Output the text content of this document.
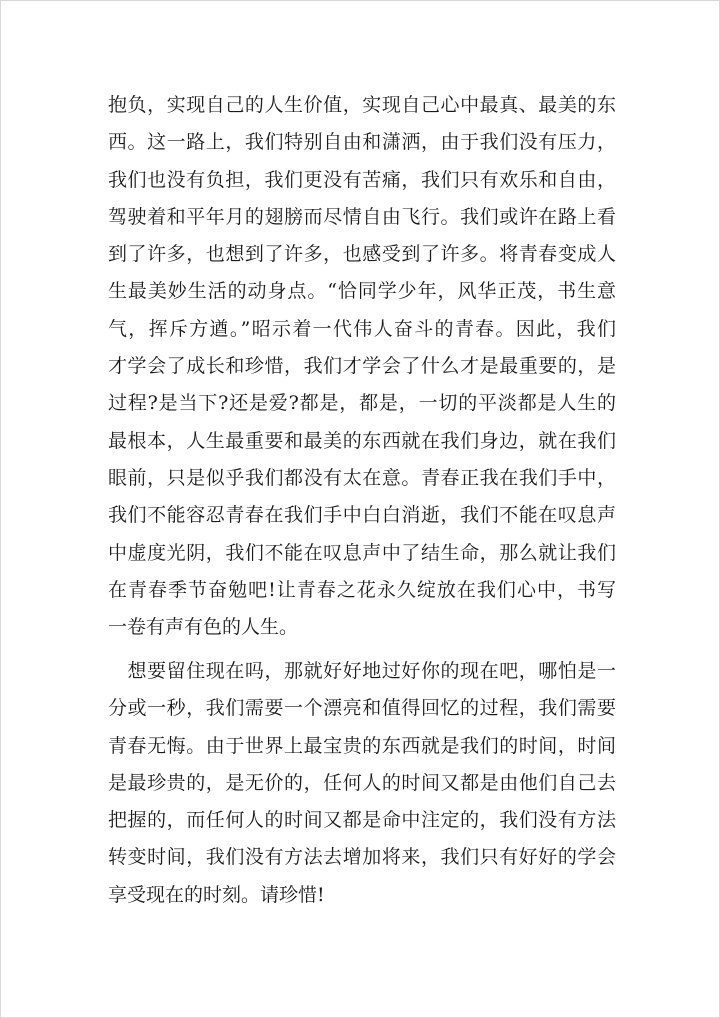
抱负，实现自己的人生价值，实现自己心中最真、最美的东
西。这一路上，我们特别自由和潇洒，由于我们没有压力，
我们也没有负担，我们更没有苦痛，我们只有欢乐和自由，
驾驶着和平年月的翅膀而尽情自由飞行。我们或许在路上看
到了许多，也想到了许多，也感受到了许多。将青春变成人
生最美妙生活的动身点。“恰同学少年，风华正茂，书生意
气，挥斥方遒。”昭示着一代伟人奋斗的青春。因此，我们
才学会了成长和珍惜，我们才学会了什么才是最重要的，是
过程?是当下?还是爱?都是，都是，一切的平淡都是人生的
最根本，人生最重要和最美的东西就在我们身边，就在我们
眼前，只是似乎我们都没有太在意。青春正我在我们手中，
我们不能容忍青春在我们手中白白消逝，我们不能在叹息声
中虚度光阴，我们不能在叹息声中了结生命，那么就让我们
在青春季节奋勉吧!让青春之花永久绽放在我们心中，书写
一卷有声有色的人生。
　想要留住现在吗，那就好好地过好你的现在吧，哪怕是一
分或一秒，我们需要一个漂亮和值得回忆的过程，我们需要
青春无悔。由于世界上最宝贵的东西就是我们的时间，时间
是最珍贵的，是无价的，任何人的时间又都是由他们自己去
把握的，而任何人的时间又都是命中注定的，我们没有方法
转变时间，我们没有方法去增加将来，我们只有好好的学会
享受现在的时刻。请珍惜!
